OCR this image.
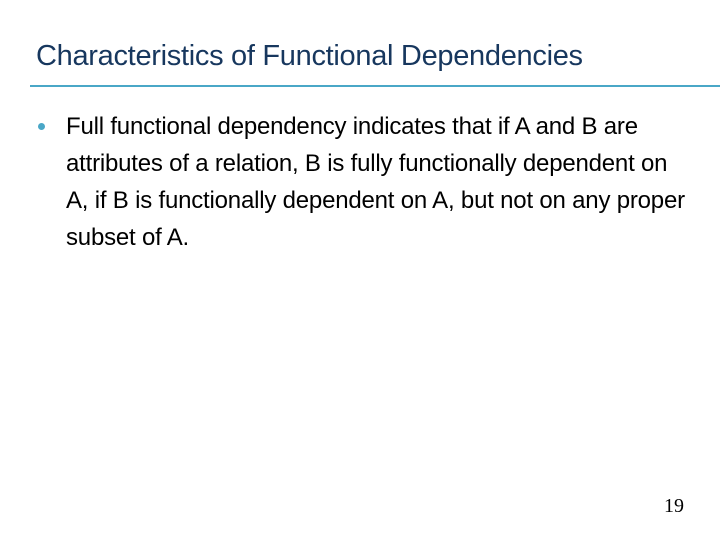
Characteristics of Functional Dependencies
Full functional dependency indicates that if A and B are attributes of a relation, B is fully functionally dependent on A, if B is functionally dependent on A, but not on any proper subset of A.
19
